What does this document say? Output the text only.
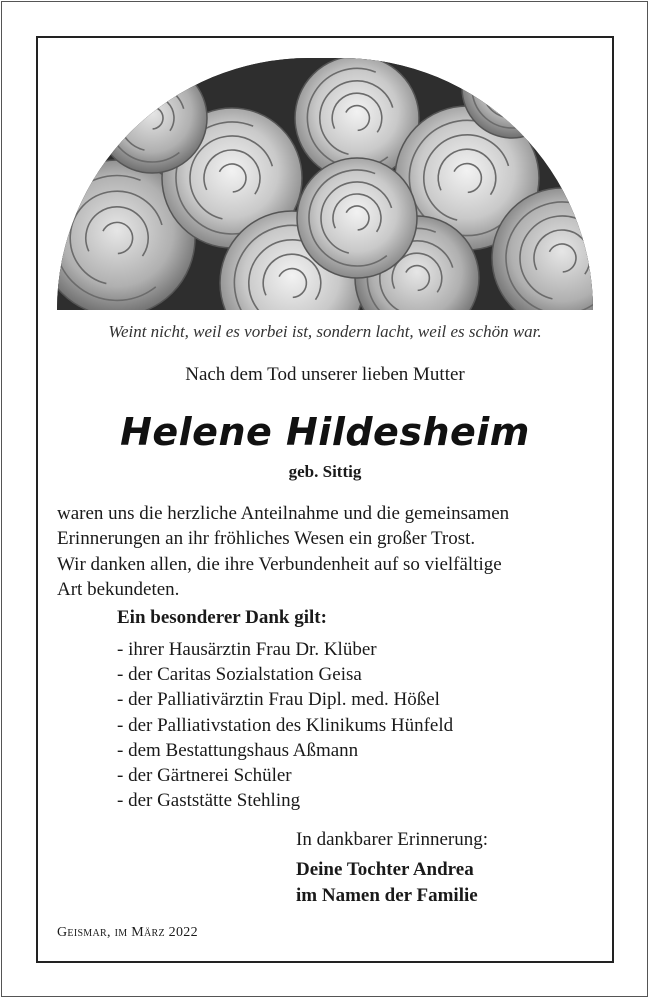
Weint nicht, weil es vorbei ist, sondern lacht, weil es schön war.
Nach dem Tod unserer lieben Mutter
Helene Hildesheim
geb. Sittig

waren uns die herzliche Anteilnahme und die gemeinsamen
Erinnerungen an ihr fröhliches Wesen ein großer Trost.
Wir danken allen, die ihre Verbundenheit auf so vielfältige
Art bekundeten.

Ein besonderer Dank gilt:
- ihrer Hausärztin Frau Dr. Klüber
- der Caritas Sozialstation Geisa
- der Palliativärztin Frau Dipl. med. Hößel
- der Palliativstation des Klinikums Hünfeld
- dem Bestattungshaus Aßmann
- der Gärtnerei Schüler
- der Gaststätte Stehling
In dankbarer Erinnerung:
Deine Tochter Andrea
im Namen der Familie
Geismar, im März 2022
